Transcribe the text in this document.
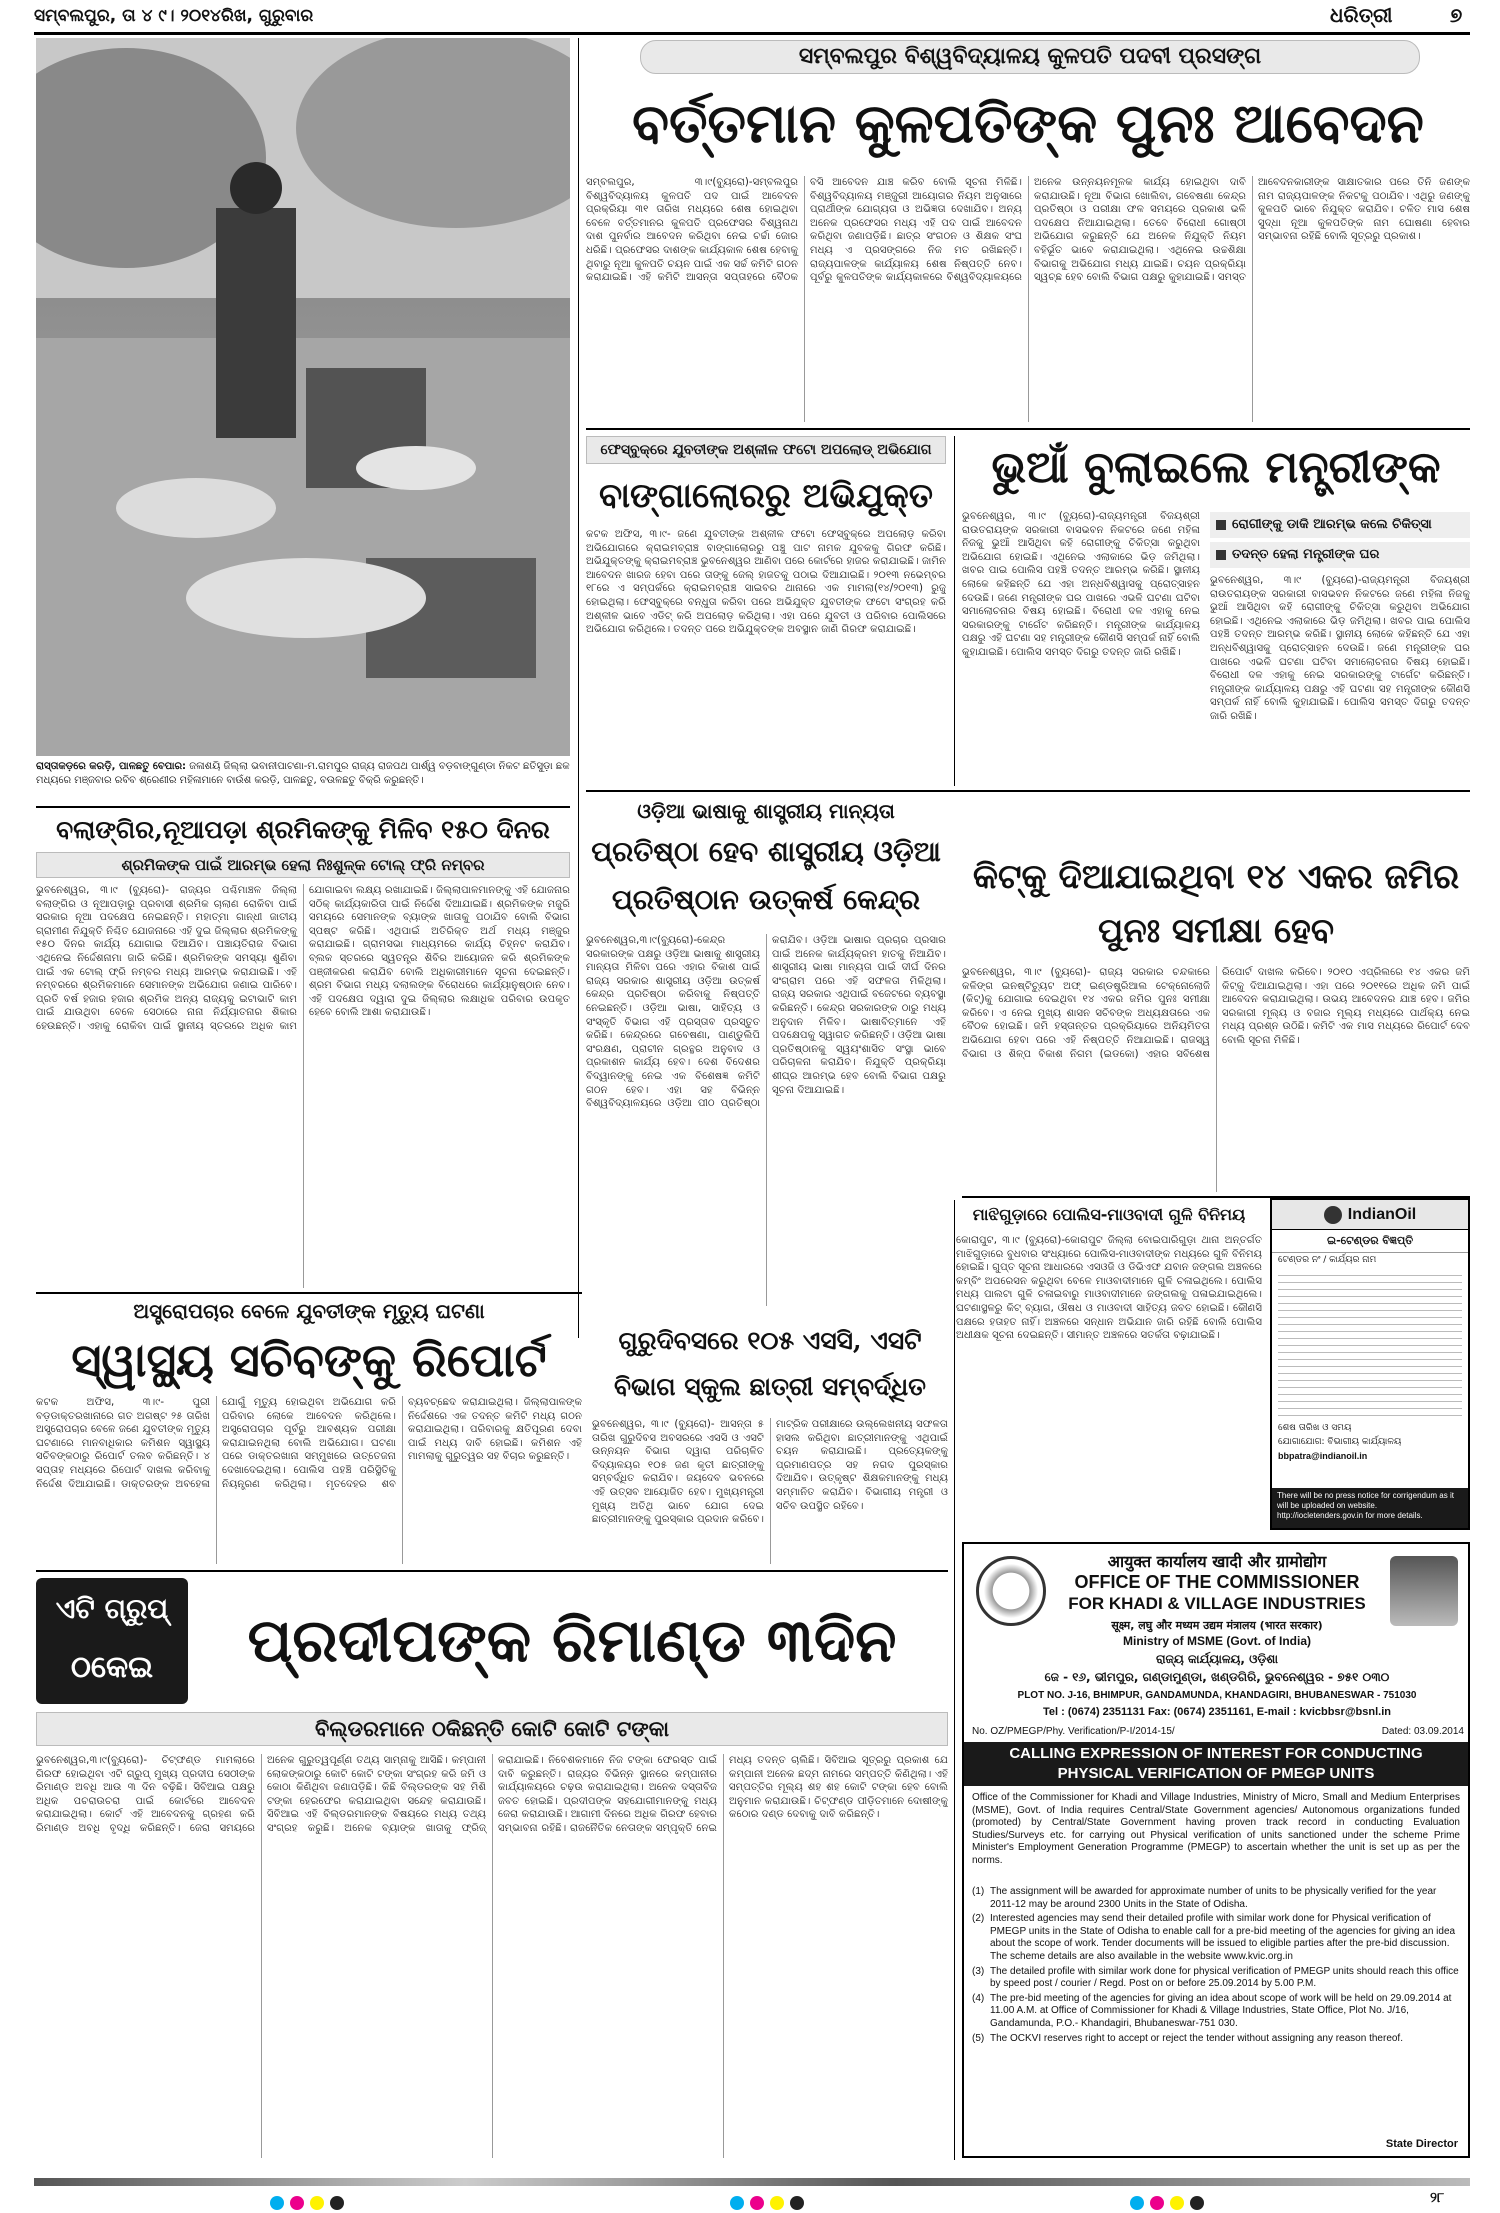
ସମ୍ବଲପୁର, ତା ୪ ୯। ୨୦୧୪ରିଖ, ଗୁରୁବାର	ଧରିତ୍ରୀ	୭
ରାସ୍ତାକଡ଼ରେ କରଡ଼ି, ପାଳଛତୁ ବେପାର: ଜଳାଶୟି ଜିଲ୍ଲା ଭବାନୀପାଟଣା-ମ.ରାମପୁର ରାଜ୍ୟ ରାଜପଥ ପାର୍ଶ୍ୱ ବଡ଼ବାଙ୍ଗୁଣ୍ଡା ନିକଟ ଛତିସୁଡ଼ା ଛକ ମଧ୍ୟରେ ମଞ୍ଜବାର ରବିବ ଶ୍ରେଣୀର ମହିଳାମାନେ ବାଉଁଶ କରଡ଼ି, ପାଳଛତୁ, ବଉଳଛତୁ ବିକ୍ରି କରୁଛନ୍ତି।
ସମ୍ବଲପୁର ବିଶ୍ୱବିଦ୍ୟାଳୟ କୁଳପତି ପଦବୀ ପ୍ରସଙ୍ଗ
ବର୍ତ୍ତମାନ କୁଳପତିଙ୍କ ପୁନଃ ଆବେଦନ
ସମ୍ବଲପୁର, ୩।୯(ବ୍ୟୁରୋ)-ସମ୍ବଲପୁର ବିଶ୍ୱବିଦ୍ୟାଳୟ କୁଳପତି ପଦ ପାଇଁ ଆବେଦନ ପ୍ରକ୍ରିୟା ୩୧ ତାରିଖ ମଧ୍ୟରେ ଶେଷ ହୋଇଥିବା ବେଳେ ବର୍ତ୍ତମାନର କୁଳପତି ପ୍ରଫେସର ବିଶ୍ୱନାଥ ଦାଶ ପୁନର୍ବାର ଆବେଦନ କରିଥିବା ନେଇ ଚର୍ଚ୍ଚା ଜୋର ଧରିଛି। ପ୍ରଫେସର ଦାଶଙ୍କ କାର୍ଯ୍ୟକାଳ ଶେଷ ହେବାକୁ ଥିବାରୁ ନୂଆ କୁଳପତି ଚୟନ ପାଇଁ ଏକ ସର୍ଚ୍ଚ କମିଟି ଗଠନ କରାଯାଇଛି। ଏହି କମିଟି ଆସନ୍ତା ସପ୍ତାହରେ ବୈଠକ ବସି ଆବେଦନ ଯାଞ୍ଚ କରିବ ବୋଲି ସୂଚନା ମିଳିଛି। ବିଶ୍ୱବିଦ୍ୟାଳୟ ମଞ୍ଜୁରୀ ଆୟୋଗର ନିୟମ ଅନୁସାରେ ପ୍ରାର୍ଥୀଙ୍କ ଯୋଗ୍ୟତା ଓ ଅଭିଜ୍ଞତା ଦେଖାଯିବ। ଅନ୍ୟ ଅନେକ ପ୍ରଫେସର ମଧ୍ୟ ଏହି ପଦ ପାଇଁ ଆବେଦନ କରିଥିବା ଜଣାପଡ଼ିଛି। ଛାତ୍ର ସଂଗଠନ ଓ ଶିକ୍ଷକ ସଂଘ ମଧ୍ୟ ଏ ପ୍ରସଙ୍ଗରେ ନିଜ ମତ ରଖିଛନ୍ତି। ରାଜ୍ୟପାଳଙ୍କ କାର୍ଯ୍ୟାଳୟ ଶେଷ ନିଷ୍ପତ୍ତି ନେବ। ପୂର୍ବରୁ କୁଳପତିଙ୍କ କାର୍ଯ୍ୟକାଳରେ ବିଶ୍ୱବିଦ୍ୟାଳୟରେ ଅନେକ ଉନ୍ନୟନମୂଳକ କାର୍ଯ୍ୟ ହୋଇଥିବା ଦାବି କରାଯାଉଛି। ନୂଆ ବିଭାଗ ଖୋଲିବା, ଗବେଷଣା କେନ୍ଦ୍ର ପ୍ରତିଷ୍ଠା ଓ ପରୀକ୍ଷା ଫଳ ସମୟରେ ପ୍ରକାଶ ଭଳି ପଦକ୍ଷେପ ନିଆଯାଇଥିଲା। ତେବେ ବିରୋଧୀ ଗୋଷ୍ଠୀ ଅଭିଯୋଗ କରୁଛନ୍ତି ଯେ ଅନେକ ନିଯୁକ୍ତି ନିୟମ ବହିର୍ଭୂତ ଭାବେ କରାଯାଇଥିଲା। ଏଥିନେଇ ଉଚ୍ଚଶିକ୍ଷା ବିଭାଗକୁ ଅଭିଯୋଗ ମଧ୍ୟ ଯାଇଛି। ଚୟନ ପ୍ରକ୍ରିୟା ସ୍ୱଚ୍ଛ ହେବ ବୋଲି ବିଭାଗ ପକ୍ଷରୁ କୁହାଯାଇଛି। ସମସ୍ତ ଆବେଦନକାରୀଙ୍କ ସାକ୍ଷାତକାର ପରେ ତିନି ଜଣଙ୍କ ନାମ ରାଜ୍ୟପାଳଙ୍କ ନିକଟକୁ ପଠାଯିବ। ଏଥିରୁ ଜଣଙ୍କୁ କୁଳପତି ଭାବେ ନିଯୁକ୍ତ କରାଯିବ। ଚଳିତ ମାସ ଶେଷ ସୁଦ୍ଧା ନୂଆ କୁଳପତିଙ୍କ ନାମ ଘୋଷଣା ହେବାର ସମ୍ଭାବନା ରହିଛି ବୋଲି ସୂତ୍ରରୁ ପ୍ରକାଶ।
ଫେସ୍‌ବୁକ୍‌ରେ ଯୁବତୀଙ୍କ ଅଶ୍ଳୀଳ ଫଟୋ ଅପଲୋଡ୍ ଅଭିଯୋଗ
ବାଙ୍ଗାଲୋରରୁ ଅଭିଯୁକ୍ତ
କଟକ ଅଫିସ, ୩।୯- ଜଣେ ଯୁବତୀଙ୍କ ଅଶ୍ଳୀଳ ଫଟୋ ଫେସ୍‌ବୁକ୍‌ରେ ଅପଲୋଡ଼ କରିବା ଅଭିଯୋଗରେ କ୍ରାଇମବ୍ରାଞ୍ଚ ବାଙ୍ଗାଲୋରରୁ ପଞ୍ଚୁ ପାଟ ନାମକ ଯୁବକକୁ ଗିରଫ କରିଛି। ଅଭିଯୁକ୍ତଙ୍କୁ କ୍ରାଇମବ୍ରାଞ୍ଚ ଭୁବନେଶ୍ୱର ଆଣିବା ପରେ କୋର୍ଟରେ ହାଜର କରାଯାଇଛି। ଜାମିନ ଆବେଦନ ଖାରଜ ହେବା ପରେ ତାଙ୍କୁ ଜେଲ୍ ହାଜତକୁ ପଠାଇ ଦିଆଯାଇଛି। ୨୦୧୩ ନଭେମ୍ବର ୧୮ରେ ଏ ସମ୍ପର୍କରେ କ୍ରାଇମବ୍ରାଞ୍ଚ ସାଇବର ଥାନାରେ ଏକ ମାମଲା(୧୪/୨୦୧୩) ରୁଜୁ ହୋଇଥିଲା। ଫେସ୍‌ବୁକ୍‌ରେ ବନ୍ଧୁତା କରିବା ପରେ ଅଭିଯୁକ୍ତ ଯୁବତୀଙ୍କ ଫଟୋ ସଂଗ୍ରହ କରି ଅଶ୍ଳୀଳ ଭାବେ ଏଡିଟ୍ କରି ଅପଲୋଡ଼ କରିଥିଲା। ଏହା ପରେ ଯୁବତୀ ଓ ପରିବାର ପୋଲିସରେ ଅଭିଯୋଗ କରିଥିଲେ। ତଦନ୍ତ ପରେ ଅଭିଯୁକ୍ତଙ୍କ ଅବସ୍ଥାନ ଜାଣି ଗିରଫ କରାଯାଇଛି।
ଭୁଆଁ ବୁଲାଇଲେ ମନ୍ତ୍ରୀଙ୍କ
ଭୁବନେଶ୍ୱର, ୩।୯ (ବ୍ୟୁରୋ)-ରାଜ୍ୟମନ୍ତ୍ରୀ ବିଜୟଶ୍ରୀ ରାଉତରାୟଙ୍କ ସରକାରୀ ବାସଭବନ ନିକଟରେ ଜଣେ ମହିଳା ନିଜକୁ ଭୁଆଁ ଆସିଥିବା କହି ରୋଗୀଙ୍କୁ ଚିକିତ୍ସା କରୁଥିବା ଅଭିଯୋଗ ହୋଇଛି। ଏଥିନେଇ ଏଲାକାରେ ଭିଡ଼ ଜମିଥିଲା। ଖବର ପାଇ ପୋଲିସ ପହଞ୍ଚି ତଦନ୍ତ ଆରମ୍ଭ କରିଛି। ସ୍ଥାନୀୟ ଲୋକେ କହିଛନ୍ତି ଯେ ଏହା ଅନ୍ଧବିଶ୍ୱାସକୁ ପ୍ରୋତ୍ସାହନ ଦେଉଛି। ଜଣେ ମନ୍ତ୍ରୀଙ୍କ ଘର ପାଖରେ ଏଭଳି ଘଟଣା ଘଟିବା ସମାଲୋଚନାର ବିଷୟ ହୋଇଛି। ବିରୋଧୀ ଦଳ ଏହାକୁ ନେଇ ସରକାରଙ୍କୁ ଟାର୍ଗେଟ କରିଛନ୍ତି। ମନ୍ତ୍ରୀଙ୍କ କାର୍ଯ୍ୟାଳୟ ପକ୍ଷରୁ ଏହି ଘଟଣା ସହ ମନ୍ତ୍ରୀଙ୍କ କୌଣସି ସମ୍ପର୍କ ନାହିଁ ବୋଲି କୁହାଯାଇଛି। ପୋଲିସ ସମସ୍ତ ଦିଗରୁ ତଦନ୍ତ ଜାରି ରଖିଛି।
ରୋଗୀଙ୍କୁ ଡାକି ଆରମ୍ଭ କଲେ ଚିକିତ୍ସା
ତଦନ୍ତ ହେଲା ମନ୍ତ୍ରୀଙ୍କ ଘର
ଭୁବନେଶ୍ୱର, ୩।୯ (ବ୍ୟୁରୋ)-ରାଜ୍ୟମନ୍ତ୍ରୀ ବିଜୟଶ୍ରୀ ରାଉତରାୟଙ୍କ ସରକାରୀ ବାସଭବନ ନିକଟରେ ଜଣେ ମହିଳା ନିଜକୁ ଭୁଆଁ ଆସିଥିବା କହି ରୋଗୀଙ୍କୁ ଚିକିତ୍ସା କରୁଥିବା ଅଭିଯୋଗ ହୋଇଛି। ଏଥିନେଇ ଏଲାକାରେ ଭିଡ଼ ଜମିଥିଲା। ଖବର ପାଇ ପୋଲିସ ପହଞ୍ଚି ତଦନ୍ତ ଆରମ୍ଭ କରିଛି। ସ୍ଥାନୀୟ ଲୋକେ କହିଛନ୍ତି ଯେ ଏହା ଅନ୍ଧବିଶ୍ୱାସକୁ ପ୍ରୋତ୍ସାହନ ଦେଉଛି। ଜଣେ ମନ୍ତ୍ରୀଙ୍କ ଘର ପାଖରେ ଏଭଳି ଘଟଣା ଘଟିବା ସମାଲୋଚନାର ବିଷୟ ହୋଇଛି। ବିରୋଧୀ ଦଳ ଏହାକୁ ନେଇ ସରକାରଙ୍କୁ ଟାର୍ଗେଟ କରିଛନ୍ତି। ମନ୍ତ୍ରୀଙ୍କ କାର୍ଯ୍ୟାଳୟ ପକ୍ଷରୁ ଏହି ଘଟଣା ସହ ମନ୍ତ୍ରୀଙ୍କ କୌଣସି ସମ୍ପର୍କ ନାହିଁ ବୋଲି କୁହାଯାଇଛି। ପୋଲିସ ସମସ୍ତ ଦିଗରୁ ତଦନ୍ତ ଜାରି ରଖିଛି।
ବଲାଙ୍ଗିର,ନୂଆପଡ଼ା ଶ୍ରମିକଙ୍କୁ ମିଳିବ ୧୫୦ ଦିନର
ଶ୍ରମିକଙ୍କ ପାଇଁ ଆରମ୍ଭ ହେଲା ନିଃଶୁଳ୍କ ଟୋଲ୍ ଫ୍ରି ନମ୍ବର
ଭୁବନେଶ୍ୱର, ୩।୯ (ବ୍ୟୁରୋ)- ରାଜ୍ୟର ପଶ୍ଚିମାଞ୍ଚଳ ଜିଲ୍ଲା ବଲାଙ୍ଗିର ଓ ନୂଆପଡ଼ାରୁ ପ୍ରବାସୀ ଶ୍ରମିକ ଚାଲାଣ ରୋକିବା ପାଇଁ ସରକାର ନୂଆ ପଦକ୍ଷେପ ନେଇଛନ୍ତି। ମହାତ୍ମା ଗାନ୍ଧୀ ଜାତୀୟ ଗ୍ରାମୀଣ ନିଯୁକ୍ତି ନିଶ୍ଚିତ ଯୋଜନାରେ ଏହି ଦୁଇ ଜିଲ୍ଲାର ଶ୍ରମିକଙ୍କୁ ୧୫୦ ଦିନର କାର୍ଯ୍ୟ ଯୋଗାଇ ଦିଆଯିବ। ପଞ୍ଚାୟତିରାଜ ବିଭାଗ ଏଥିନେଇ ନିର୍ଦ୍ଦେଶନାମା ଜାରି କରିଛି। ଶ୍ରମିକଙ୍କ ସମସ୍ୟା ଶୁଣିବା ପାଇଁ ଏକ ଟୋଲ୍ ଫ୍ରି ନମ୍ବର ମଧ୍ୟ ଆରମ୍ଭ କରାଯାଇଛି। ଏହି ନମ୍ବରରେ ଶ୍ରମିକମାନେ ସେମାନଙ୍କ ଅଭିଯୋଗ ଜଣାଇ ପାରିବେ। ପ୍ରତି ବର୍ଷ ହଜାର ହଜାର ଶ୍ରମିକ ଅନ୍ୟ ରାଜ୍ୟକୁ ଇଟାଭାଟି କାମ ପାଇଁ ଯାଉଥିବା ବେଳେ ସେଠାରେ ନାନା ନିର୍ଯ୍ୟାତନାର ଶିକାର ହେଉଛନ୍ତି। ଏହାକୁ ରୋକିବା ପାଇଁ ସ୍ଥାନୀୟ ସ୍ତରରେ ଅଧିକ କାମ ଯୋଗାଇବା ଲକ୍ଷ୍ୟ ରଖାଯାଇଛି। ଜିଲ୍ଲାପାଳମାନଙ୍କୁ ଏହି ଯୋଜନାର ସଠିକ୍ କାର୍ଯ୍ୟକାରିତା ପାଇଁ ନିର୍ଦ୍ଦେଶ ଦିଆଯାଇଛି। ଶ୍ରମିକଙ୍କ ମଜୁରି ସମୟରେ ସେମାନଙ୍କ ବ୍ୟାଙ୍କ ଖାତାକୁ ପଠାଯିବ ବୋଲି ବିଭାଗ ସ୍ପଷ୍ଟ କରିଛି। ଏଥିପାଇଁ ଅତିରିକ୍ତ ଅର୍ଥ ମଧ୍ୟ ମଞ୍ଜୁର କରାଯାଇଛି। ଗ୍ରାମସଭା ମାଧ୍ୟମରେ କାର୍ଯ୍ୟ ଚିହ୍ନଟ କରାଯିବ। ବ୍ଲକ ସ୍ତରରେ ସ୍ୱତନ୍ତ୍ର ଶିବିର ଆୟୋଜନ କରି ଶ୍ରମିକଙ୍କ ପଞ୍ଜୀକରଣ କରାଯିବ ବୋଲି ଅଧିକାରୀମାନେ ସୂଚନା ଦେଇଛନ୍ତି। ଶ୍ରମ ବିଭାଗ ମଧ୍ୟ ଦଲାଲଙ୍କ ବିରୋଧରେ କାର୍ଯ୍ୟାନୁଷ୍ଠାନ ନେବ। ଏହି ପଦକ୍ଷେପ ଦ୍ୱାରା ଦୁଇ ଜିଲ୍ଲାର ଲକ୍ଷାଧିକ ପରିବାର ଉପକୃତ ହେବେ ବୋଲି ଆଶା କରାଯାଉଛି।
ଓଡ଼ିଆ ଭାଷାକୁ ଶାସ୍ତ୍ରୀୟ ମାନ୍ୟତା
ପ୍ରତିଷ୍ଠା ହେବ ଶାସ୍ତ୍ରୀୟ ଓଡ଼ିଆ ପ୍ରତିଷ୍ଠାନ ଉତ୍କର୍ଷ କେନ୍ଦ୍ର
ଭୁବନେଶ୍ୱର,୩।୯(ବ୍ୟୁରୋ)-କେନ୍ଦ୍ର ସରକାରଙ୍କ ପକ୍ଷରୁ ଓଡ଼ିଆ ଭାଷାକୁ ଶାସ୍ତ୍ରୀୟ ମାନ୍ୟତା ମିଳିବା ପରେ ଏହାର ବିକାଶ ପାଇଁ ରାଜ୍ୟ ସରକାର ଶାସ୍ତ୍ରୀୟ ଓଡ଼ିଆ ଉତ୍କର୍ଷ କେନ୍ଦ୍ର ପ୍ରତିଷ୍ଠା କରିବାକୁ ନିଷ୍ପତ୍ତି ନେଇଛନ୍ତି। ଓଡ଼ିଆ ଭାଷା, ସାହିତ୍ୟ ଓ ସଂସ୍କୃତି ବିଭାଗ ଏହି ପ୍ରସ୍ତାବ ପ୍ରସ୍ତୁତ କରିଛି। କେନ୍ଦ୍ରରେ ଗବେଷଣା, ପାଣ୍ଡୁଲିପି ସଂରକ୍ଷଣ, ପ୍ରାଚୀନ ଗ୍ରନ୍ଥର ଅନୁବାଦ ଓ ପ୍ରକାଶନ କାର୍ଯ୍ୟ ହେବ। ଦେଶ ବିଦେଶର ବିଦ୍ୱାନଙ୍କୁ ନେଇ ଏକ ବିଶେଷଜ୍ଞ କମିଟି ଗଠନ ହେବ। ଏହା ସହ ବିଭିନ୍ନ ବିଶ୍ୱବିଦ୍ୟାଳୟରେ ଓଡ଼ିଆ ପୀଠ ପ୍ରତିଷ୍ଠା କରାଯିବ। ଓଡ଼ିଆ ଭାଷାର ପ୍ରଚାର ପ୍ରସାର ପାଇଁ ଅନେକ କାର୍ଯ୍ୟକ୍ରମ ହାତକୁ ନିଆଯିବ। ଶାସ୍ତ୍ରୀୟ ଭାଷା ମାନ୍ୟତା ପାଇଁ ଦୀର୍ଘ ଦିନର ସଂଗ୍ରାମ ପରେ ଏହି ସଫଳତା ମିଳିଥିଲା। ରାଜ୍ୟ ସରକାର ଏଥିପାଇଁ ବଜେଟରେ ବ୍ୟବସ୍ଥା କରିଛନ୍ତି। କେନ୍ଦ୍ର ସରକାରଙ୍କ ଠାରୁ ମଧ୍ୟ ଅନୁଦାନ ମିଳିବ। ଭାଷାବିତ୍ମାନେ ଏହି ପଦକ୍ଷେପକୁ ସ୍ୱାଗତ କରିଛନ୍ତି। ଓଡ଼ିଆ ଭାଷା ପ୍ରତିଷ୍ଠାନକୁ ସ୍ୱୟଂଶାସିତ ସଂସ୍ଥା ଭାବେ ପରିଚାଳନା କରାଯିବ। ନିଯୁକ୍ତି ପ୍ରକ୍ରିୟା ଶୀଘ୍ର ଆରମ୍ଭ ହେବ ବୋଲି ବିଭାଗ ପକ୍ଷରୁ ସୂଚନା ଦିଆଯାଇଛି।
କିଟ୍‌କୁ ଦିଆଯାଇଥିବା ୧୪ ଏକର ଜମିର ପୁନଃ ସମୀକ୍ଷା ହେବ
ଭୁବନେଶ୍ୱର, ୩।୯ (ବ୍ୟୁରୋ)- ରାଜ୍ୟ ସରକାର ଚନ୍ଦକାରେ କଳିଙ୍ଗ ଇନଷ୍ଟିଚ୍ୟୁଟ ଅଫ୍ ଇଣ୍ଡଷ୍ଟ୍ରିଆଲ ଟେକ୍ନୋଲୋଜି (କିଟ୍)କୁ ଯୋଗାଇ ଦେଇଥିବା ୧୪ ଏକର ଜମିର ପୁନଃ ସମୀକ୍ଷା କରିବେ। ଏ ନେଇ ମୁଖ୍ୟ ଶାସନ ସଚିବଙ୍କ ଅଧ୍ୟକ୍ଷତାରେ ଏକ ବୈଠକ ହୋଇଛି। ଜମି ହସ୍ତାନ୍ତର ପ୍ରକ୍ରିୟାରେ ଅନିୟମିତତା ଅଭିଯୋଗ ହେବା ପରେ ଏହି ନିଷ୍ପତ୍ତି ନିଆଯାଇଛି। ରାଜସ୍ୱ ବିଭାଗ ଓ ଶିଳ୍ପ ବିକାଶ ନିଗମ (ଇଡକୋ) ଏହାର ସବିଶେଷ ରିପୋର୍ଟ ଦାଖଲ କରିବେ। ୨୦୧୦ ଏପ୍ରିଲରେ ୧୪ ଏକର ଜମି କିଟ୍‌କୁ ଦିଆଯାଇଥିଲା। ଏହା ପରେ ୨୦୧୧ରେ ଅଧିକ ଜମି ପାଇଁ ଆବେଦନ କରାଯାଇଥିଲା। ଉଭୟ ଆବେଦନର ଯାଞ୍ଚ ହେବ। ଜମିର ସରକାରୀ ମୂଲ୍ୟ ଓ ବଜାର ମୂଲ୍ୟ ମଧ୍ୟରେ ପାର୍ଥକ୍ୟ ନେଇ ମଧ୍ୟ ପ୍ରଶ୍ନ ଉଠିଛି। କମିଟି ଏକ ମାସ ମଧ୍ୟରେ ରିପୋର୍ଟ ଦେବ ବୋଲି ସୂଚନା ମିଳିଛି।
ମାଝିଗୁଡ଼ାରେ ପୋଲିସ-ମାଓବାଦୀ ଗୁଳି ବିନିମୟ
କୋରାପୁଟ, ୩।୯ (ବ୍ୟୁରୋ)-କୋରାପୁଟ ଜିଲ୍ଲା ବୋଇପାରିଗୁଡ଼ା ଥାନା ଅନ୍ତର୍ଗତ ମାଝିଗୁଡ଼ାରେ ବୁଧବାର ସଂଧ୍ୟାରେ ପୋଲିସ-ମାଓବାଦୀଙ୍କ ମଧ୍ୟରେ ଗୁଳି ବିନିମୟ ହୋଇଛି। ଗୁପ୍ତ ସୂଚନା ଆଧାରରେ ଏସଓଜି ଓ ଡିଭିଏଫ ଯବାନ ଜଙ୍ଗଲ ଅଞ୍ଚଳରେ କମ୍ବିଂ ଅପରେସନ କରୁଥିବା ବେଳେ ମାଓବାଦୀମାନେ ଗୁଳି ଚଳାଇଥିଲେ। ପୋଲିସ ମଧ୍ୟ ପାଲଟା ଗୁଳି ଚଳାଇବାରୁ ମାଓବାଦୀମାନେ ଜଙ୍ଗଲକୁ ପଳାଇଯାଇଥିଲେ। ଘଟଣାସ୍ଥଳରୁ କିଟ୍ ବ୍ୟାଗ, ଔଷଧ ଓ ମାଓବାଦୀ ସାହିତ୍ୟ ଜବତ ହୋଇଛି। କୌଣସି ପକ୍ଷରେ ହତାହତ ନାହିଁ। ଅଞ୍ଚଳରେ ସନ୍ଧାନ ଅଭିଯାନ ଜାରି ରହିଛି ବୋଲି ପୋଲିସ ଅଧୀକ୍ଷକ ସୂଚନା ଦେଇଛନ୍ତି। ସୀମାନ୍ତ ଅଞ୍ଚଳରେ ସତର୍କତା ବଢ଼ାଯାଇଛି।
IndianOil
ଇ-ଟେଣ୍ଡର ବିଜ୍ଞପ୍ତି
ଟେଣ୍ଡର ନଂ / କାର୍ଯ୍ୟର ନାମ
ଶେଷ ତାରିଖ ଓ ସମୟ
ଯୋଗାଯୋଗ: ବିଭାଗୀୟ କାର୍ଯ୍ୟାଳୟ
bbpatra@indianoil.in
There will be no press notice for corrigendum as it will be uploaded on website. http://iocletenders.gov.in for more details.
ଅସ୍ତ୍ରୋପଚାର ବେଳେ ଯୁବତୀଙ୍କ ମୃତ୍ୟୁ ଘଟଣା
ସ୍ୱାସ୍ଥ୍ୟ ସଚିବଙ୍କୁ ରିପୋର୍ଟ
କଟକ ଅଫିସ, ୩।୯- ପୁରୀ ବଡ଼ଡାକ୍ତରଖାନାରେ ଗତ ଅଗଷ୍ଟ ୨୫ ତାରିଖ ଅସ୍ତ୍ରୋପଚାର ବେଳେ ଜଣେ ଯୁବତୀଙ୍କ ମୃତ୍ୟୁ ଘଟଣାରେ ମାନବାଧିକାର କମିଶନ ସ୍ୱାସ୍ଥ୍ୟ ସଚିବଙ୍କଠାରୁ ରିପୋର୍ଟ ତଲବ କରିଛନ୍ତି। ୪ ସପ୍ତାହ ମଧ୍ୟରେ ରିପୋର୍ଟ ଦାଖଲ କରିବାକୁ ନିର୍ଦ୍ଦେଶ ଦିଆଯାଇଛି। ଡାକ୍ତରଙ୍କ ଅବହେଳା ଯୋଗୁଁ ମୃତ୍ୟୁ ହୋଇଥିବା ଅଭିଯୋଗ କରି ପରିବାର ଲୋକେ ଆବେଦନ କରିଥିଲେ। ଅସ୍ତ୍ରୋପଚାର ପୂର୍ବରୁ ଆବଶ୍ୟକ ପରୀକ୍ଷା କରାଯାଇନଥିଲା ବୋଲି ଅଭିଯୋଗ। ଘଟଣା ପରେ ଡାକ୍ତରଖାନା ସମ୍ମୁଖରେ ଉତ୍ତେଜନା ଦେଖାଦେଇଥିଲା। ପୋଲିସ ପହଞ୍ଚି ପରିସ୍ଥିତିକୁ ନିୟନ୍ତ୍ରଣ କରିଥିଲା। ମୃତଦେହର ଶବ ବ୍ୟବଚ୍ଛେଦ କରାଯାଇଥିଲା। ଜିଲ୍ଲାପାଳଙ୍କ ନିର୍ଦ୍ଦେଶରେ ଏକ ତଦନ୍ତ କମିଟି ମଧ୍ୟ ଗଠନ କରାଯାଇଥିଲା। ପରିବାରକୁ କ୍ଷତିପୂରଣ ଦେବା ପାଇଁ ମଧ୍ୟ ଦାବି ହୋଇଛି। କମିଶନ ଏହି ମାମଲାକୁ ଗୁରୁତ୍ୱର ସହ ବିଚାର କରୁଛନ୍ତି।
ଗୁରୁଦିବସରେ ୧୦୫ ଏସସି, ଏସଟି ବିଭାଗ ସ୍କୁଲ ଛାତ୍ରୀ ସମ୍ବର୍ଦ୍ଧିତ
ଭୁବନେଶ୍ୱର, ୩।୯ (ବ୍ୟୁରୋ)- ଆସନ୍ତା ୫ ତାରିଖ ଗୁରୁଦିବସ ଅବସରରେ ଏସସି ଓ ଏସଟି ଉନ୍ନୟନ ବିଭାଗ ଦ୍ୱାରା ପରିଚାଳିତ ବିଦ୍ୟାଳୟର ୧୦୫ ଜଣ କୃତୀ ଛାତ୍ରୀଙ୍କୁ ସମ୍ବର୍ଦ୍ଧିତ କରାଯିବ। ଜୟଦେବ ଭବନରେ ଏହି ଉତ୍ସବ ଆୟୋଜିତ ହେବ। ମୁଖ୍ୟମନ୍ତ୍ରୀ ମୁଖ୍ୟ ଅତିଥି ଭାବେ ଯୋଗ ଦେଇ ଛାତ୍ରୀମାନଙ୍କୁ ପୁରସ୍କାର ପ୍ରଦାନ କରିବେ। ମାଟ୍ରିକ ପରୀକ୍ଷାରେ ଉଲ୍ଲେଖନୀୟ ସଫଳତା ହାସଲ କରିଥିବା ଛାତ୍ରୀମାନଙ୍କୁ ଏଥିପାଇଁ ଚୟନ କରାଯାଇଛି। ପ୍ରତ୍ୟେକଙ୍କୁ ପ୍ରମାଣପତ୍ର ସହ ନଗଦ ପୁରସ୍କାର ଦିଆଯିବ। ଉତ୍କୃଷ୍ଟ ଶିକ୍ଷକମାନଙ୍କୁ ମଧ୍ୟ ସମ୍ମାନିତ କରାଯିବ। ବିଭାଗୀୟ ମନ୍ତ୍ରୀ ଓ ସଚିବ ଉପସ୍ଥିତ ରହିବେ।
ଏଟି ଗ୍ରୁପ୍
ଠକେଇ	ପ୍ରଦୀପଙ୍କ ରିମାଣ୍ଡ ୩ଦିନ
ବିଲ୍ଡରମାନେ ଠକିଛନ୍ତି କୋଟି କୋଟି ଟଙ୍କା
ଭୁବନେଶ୍ୱର,୩।୯(ବ୍ୟୁରୋ)- ଚିଟ୍‌ଫଣ୍ଡ ମାମଲାରେ ଗିରଫ ହୋଇଥିବା ଏଟି ଗ୍ରୁପ୍ ମୁଖ୍ୟ ପ୍ରଦୀପ ସେଠୀଙ୍କ ରିମାଣ୍ଡ ଅବଧି ଆଉ ୩ ଦିନ ବଢ଼ିଛି। ସିବିଆଇ ପକ୍ଷରୁ ଅଧିକ ପଚରାଉଚରା ପାଇଁ କୋର୍ଟରେ ଆବେଦନ କରାଯାଇଥିଲା। କୋର୍ଟ ଏହି ଆବେଦନକୁ ଗ୍ରହଣ କରି ରିମାଣ୍ଡ ଅବଧି ବୃଦ୍ଧି କରିଛନ୍ତି। ଜେରା ସମୟରେ ଅନେକ ଗୁରୁତ୍ୱପୂର୍ଣ୍ଣ ତଥ୍ୟ ସାମ୍ନାକୁ ଆସିଛି। କମ୍ପାନୀ ଲୋକଙ୍କଠାରୁ କୋଟି କୋଟି ଟଙ୍କା ସଂଗ୍ରହ କରି ଜମି ଓ କୋଠା କିଣିଥିବା ଜଣାପଡ଼ିଛି। କିଛି ବିଲ୍ଡରଙ୍କ ସହ ମିଶି ଟଙ୍କା ହେରଫେର କରାଯାଇଥିବା ସନ୍ଦେହ କରାଯାଉଛି। ସିବିଆଇ ଏହି ବିଲ୍ଡରମାନଙ୍କ ବିଷୟରେ ମଧ୍ୟ ତଥ୍ୟ ସଂଗ୍ରହ କରୁଛି। ଅନେକ ବ୍ୟାଙ୍କ ଖାତାକୁ ଫ୍ରିଜ୍ କରାଯାଇଛି। ନିବେଶକମାନେ ନିଜ ଟଙ୍କା ଫେରସ୍ତ ପାଇଁ ଦାବି କରୁଛନ୍ତି। ରାଜ୍ୟର ବିଭିନ୍ନ ସ୍ଥାନରେ କମ୍ପାନୀର କାର୍ଯ୍ୟାଳୟରେ ଚଢ଼ଉ କରାଯାଇଥିଲା। ଅନେକ ଦସ୍ତାବିଜ ଜବତ ହୋଇଛି। ପ୍ରଦୀପଙ୍କ ସହଯୋଗୀମାନଙ୍କୁ ମଧ୍ୟ ଜେରା କରାଯାଉଛି। ଆଗାମୀ ଦିନରେ ଅଧିକ ଗିରଫ ହେବାର ସମ୍ଭାବନା ରହିଛି। ରାଜନୈତିକ ନେତାଙ୍କ ସମ୍ପୃକ୍ତି ନେଇ ମଧ୍ୟ ତଦନ୍ତ ଚାଲିଛି। ସିବିଆଇ ସୂତ୍ରରୁ ପ୍ରକାଶ ଯେ କମ୍ପାନୀ ଅନେକ ଛଦ୍ମ ନାମରେ ସମ୍ପତ୍ତି କିଣିଥିଲା। ଏହି ସମ୍ପତ୍ତିର ମୂଲ୍ୟ ଶହ ଶହ କୋଟି ଟଙ୍କା ହେବ ବୋଲି ଅନୁମାନ କରାଯାଉଛି। ଚିଟ୍‌ଫଣ୍ଡ ପୀଡ଼ିତମାନେ ଦୋଷୀଙ୍କୁ କଠୋର ଦଣ୍ଡ ଦେବାକୁ ଦାବି କରିଛନ୍ତି।
आयुक्त कार्यालय खादी और ग्रामोद्योग
OFFICE OF THE COMMISSIONER
FOR KHADI & VILLAGE INDUSTRIES
सूक्ष्म, लघु और मध्यम उद्यम मंत्रालय (भारत सरकार)
Ministry of MSME (Govt. of India)
ରାଜ୍ୟ କାର୍ଯ୍ୟାଳୟ, ଓଡ଼ିଶା
ଜେ - ୧୬, ଭୀମପୁର, ଗଣ୍ଡାମୁଣ୍ଡା, ଖଣ୍ଡଗିରି, ଭୁବନେଶ୍ୱର - ୭୫୧ ୦୩୦
PLOT NO. J-16, BHIMPUR, GANDAMUNDA, KHANDAGIRI, BHUBANESWAR - 751030
Tel : (0674) 2351131 Fax: (0674) 2351161, E-mail : kvicbbsr@bsnl.in
No. OZ/PMEGP/Phy. Verification/P-I/2014-15/	Dated: 03.09.2014
CALLING EXPRESSION OF INTEREST FOR CONDUCTING PHYSICAL VERIFICATION OF PMEGP UNITS
Office of the Commissioner for Khadi and Village Industries, Ministry of Micro, Small and Medium Enterprises (MSME), Govt. of India requires Central/State Government agencies/ Autonomous organizations funded (promoted) by Central/State Government having proven track record in conducting Evaluation Studies/Surveys etc. for carrying out Physical verification of units sanctioned under the scheme Prime Minister's Employment Generation Programme (PMEGP) to ascertain whether the unit is set up as per the norms.
(1) The assignment will be awarded for approximate number of units to be physically verified for the year 2011-12 may be around 2300 Units in the State of Odisha.
(2) Interested agencies may send their detailed profile with similar work done for Physical verification of PMEGP units in the State of Odisha to enable call for a pre-bid meeting of the agencies for giving an idea about the scope of work. Tender documents will be issued to eligible parties after the pre-bid discussion. The scheme details are also available in the website www.kvic.org.in
(3) The detailed profile with similar work done for physical verification of PMEGP units should reach this office by speed post / courier / Regd. Post on or before 25.09.2014 by 5.00 P.M.
(4) The pre-bid meeting of the agencies for giving an idea about scope of work will be held on 29.09.2014 at 11.00 A.M. at Office of Commissioner for Khadi & Village Industries, State Office, Plot No. J/16, Gandamunda, P.O.- Khandagiri, Bhubaneswar-751 030.
(5) The OCKVI reserves right to accept or reject the tender without assigning any reason thereof.
State Director
୨୮
